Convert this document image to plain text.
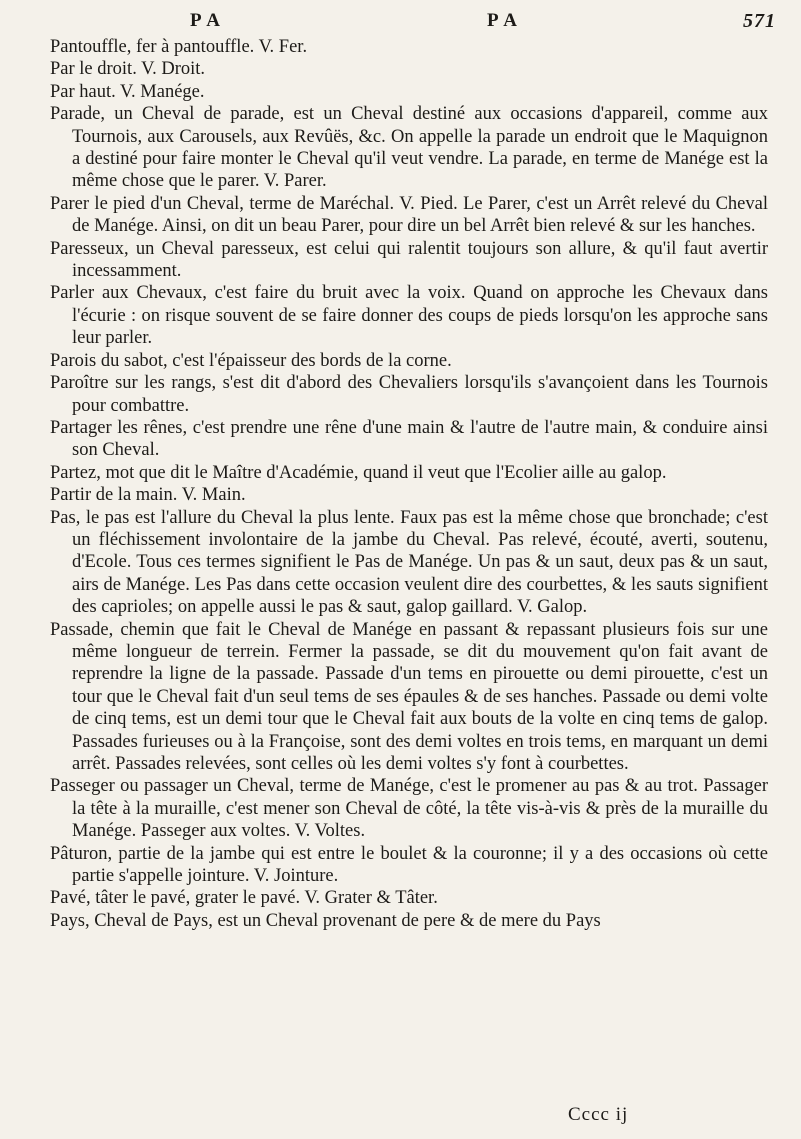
P A	P A	571

Pantouffle, fer à pantouffle. V. Fer.

Par le droit. V. Droit.

Par haut. V. Manége.

Parade, un Cheval de parade, est un Cheval destiné aux occasions d'appareil, comme aux Tournois, aux Carousels, aux Revûës, &c. On appelle la parade un endroit que le Maquignon a destiné pour faire monter le Cheval qu'il veut vendre. La parade, en terme de Manége est la même chose que le parer. V. Parer.

Parer le pied d'un Cheval, terme de Maréchal. V. Pied. Le Parer, c'est un Arrêt relevé du Cheval de Manége. Ainsi, on dit un beau Parer, pour dire un bel Arrêt bien relevé & sur les hanches.

Paresseux, un Cheval paresseux, est celui qui ralentit toujours son allure, & qu'il faut avertir incessamment.

Parler aux Chevaux, c'est faire du bruit avec la voix. Quand on approche les Chevaux dans l'écurie : on risque souvent de se faire donner des coups de pieds lorsqu'on les approche sans leur parler.

Parois du sabot, c'est l'épaisseur des bords de la corne.

Paroître sur les rangs, s'est dit d'abord des Chevaliers lorsqu'ils s'avançoient dans les Tournois pour combattre.

Partager les rênes, c'est prendre une rêne d'une main & l'autre de l'autre main, & conduire ainsi son Cheval.

Partez, mot que dit le Maître d'Académie, quand il veut que l'Ecolier aille au galop.

Partir de la main. V. Main.

Pas, le pas est l'allure du Cheval la plus lente. Faux pas est la même chose que bronchade; c'est un fléchissement involontaire de la jambe du Cheval. Pas relevé, écouté, averti, soutenu, d'Ecole. Tous ces termes signifient le Pas de Manége. Un pas & un saut, deux pas & un saut, airs de Manége. Les Pas dans cette occasion veulent dire des courbettes, & les sauts signifient des caprioles; on appelle aussi le pas & saut, galop gaillard. V. Galop.

Passade, chemin que fait le Cheval de Manége en passant & repassant plusieurs fois sur une même longueur de terrein. Fermer la passade, se dit du mouvement qu'on fait avant de reprendre la ligne de la passade. Passade d'un tems en pirouette ou demi pirouette, c'est un tour que le Cheval fait d'un seul tems de ses épaules & de ses hanches. Passade ou demi volte de cinq tems, est un demi tour que le Cheval fait aux bouts de la volte en cinq tems de galop. Passades furieuses ou à la Françoise, sont des demi voltes en trois tems, en marquant un demi arrêt. Passades relevées, sont celles où les demi voltes s'y font à courbettes.

Passeger ou passager un Cheval, terme de Manége, c'est le promener au pas & au trot. Passager la tête à la muraille, c'est mener son Cheval de côté, la tête vis-à-vis & près de la muraille du Manége. Passeger aux voltes. V. Voltes.

Pâturon, partie de la jambe qui est entre le boulet & la couronne; il y a des occasions où cette partie s'appelle jointure. V. Jointure.

Pavé, tâter le pavé, grater le pavé. V. Grater & Tâter.

Pays, Cheval de Pays, est un Cheval provenant de pere & de mere du Pays

Cccc ij
